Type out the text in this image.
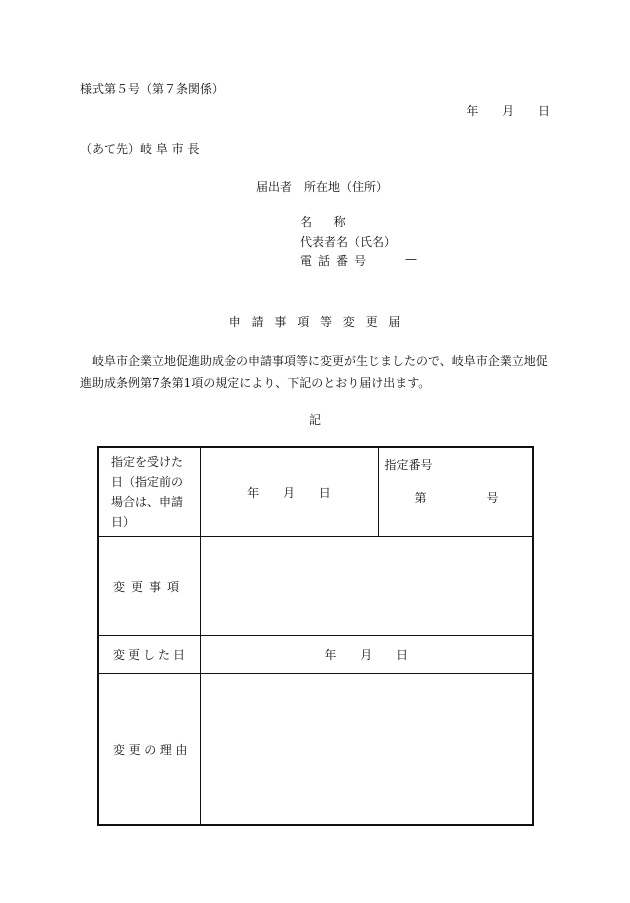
様式第５号（第７条関係）
年 月 日
（あて先）岐 阜 市 長
届出者　所在地（住所）
名称
代表者名（氏名）
電話番号	—
申請事項等変更届
岐阜市企業立地促進助成金の申請事項等に変更が生じましたので、岐阜市企業立地促進助成条例第7条第1項の規定により、下記のとおり届け出ます。
記
指定を受けた日（指定前の場合は、申請日）	年 月 日	指定番号
第　　　　　号

変更事項		
変更した日	年 月 日	
変更の理由		
